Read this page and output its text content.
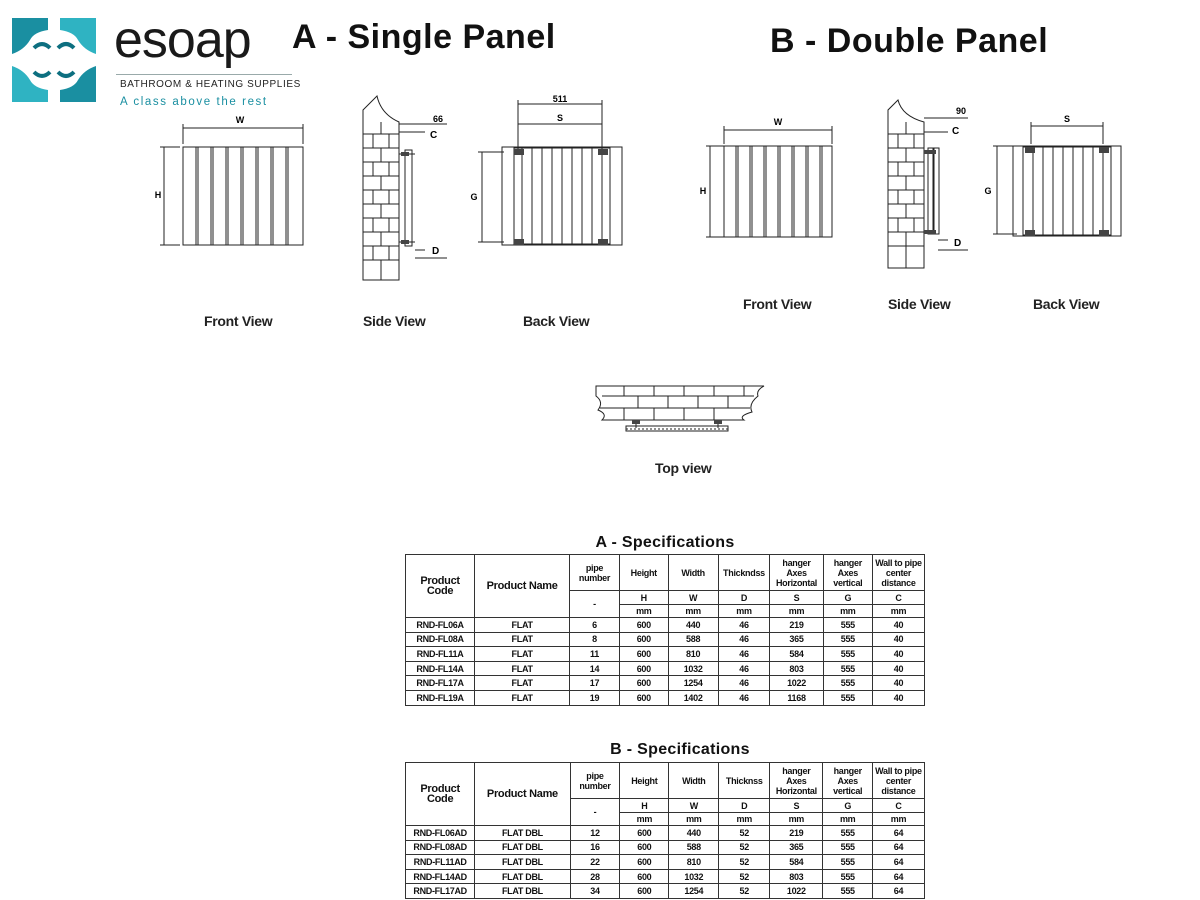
esoap
BATHROOM & HEATING SUPPLIES
A class above the rest
A - Single Panel	B - Double Panel
W
H
Front View
66
C
D
Side View
511
S
G
Back View
W
H
Front View
90
C
D
Side View
S
G
Back View
Top view
A - Specifications
Product Code	Product Name	pipe number	Height	Width	Thickndss	hanger Axes Horizontal	hanger Axes vertical	Wall to pipe center distance
		-	H	W	D	S	G	C
			mm	mm	mm	mm	mm	mm
RND-FL06A	FLAT	6	600	440	46	219	555	40
RND-FL08A	FLAT	8	600	588	46	365	555	40
RND-FL11A	FLAT	11	600	810	46	584	555	40
RND-FL14A	FLAT	14	600	1032	46	803	555	40
RND-FL17A	FLAT	17	600	1254	46	1022	555	40
RND-FL19A	FLAT	19	600	1402	46	1168	555	40
B - Specifications
Product Code	Product Name	pipe number	Height	Width	Thicknss	hanger Axes Horizontal	hanger Axes vertical	Wall to pipe center distance
		-	H	W	D	S	G	C
			mm	mm	mm	mm	mm	mm
RND-FL06AD	FLAT DBL	12	600	440	52	219	555	64
RND-FL08AD	FLAT DBL	16	600	588	52	365	555	64
RND-FL11AD	FLAT DBL	22	600	810	52	584	555	64
RND-FL14AD	FLAT DBL	28	600	1032	52	803	555	64
RND-FL17AD	FLAT DBL	34	600	1254	52	1022	555	64
